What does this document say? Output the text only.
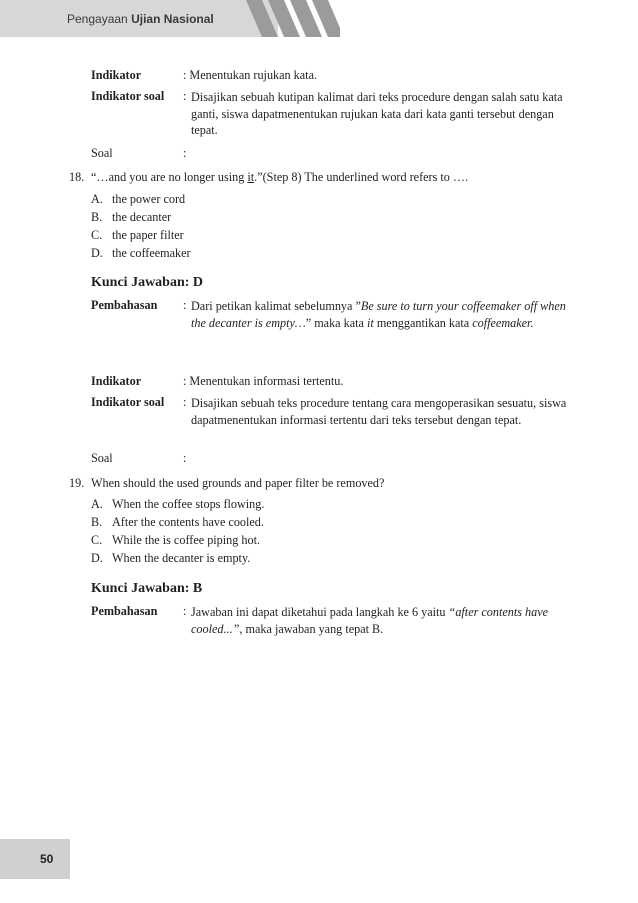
Pengayaan Ujian Nasional
Indikator	: Menentukan rujukan kata.
Indikator soal : Disajikan sebuah kutipan kalimat dari teks procedure dengan salah satu kata ganti, siswa dapatmenentukan rujukan kata dari kata ganti tersebut dengan tepat.
Soal	:
18. “…and you are no longer using it.”(Step 8) The underlined word refers to ….
A. the power cord
B. the decanter
C. the paper filter
D. the coffeemaker
Kunci Jawaban: D
Pembahasan : Dari petikan kalimat sebelumnya ”Be sure to turn your coffeemaker off when the decanter is empty…” maka kata it menggantikan kata coffeemaker.
Indikator	: Menentukan informasi tertentu.
Indikator soal : Disajikan sebuah teks procedure tentang cara mengoperasikan sesuatu, siswa dapatmenentukan informasi tertentu dari teks tersebut dengan tepat.
Soal	:
19. When should the used grounds and paper filter be removed?
A. When the coffee stops flowing.
B. After the contents have cooled.
C. While the is coffee piping hot.
D. When the decanter is empty.
Kunci Jawaban: B
Pembahasan : Jawaban ini dapat diketahui pada langkah ke 6 yaitu “after contents have cooled...”, maka jawaban yang tepat B.
50
